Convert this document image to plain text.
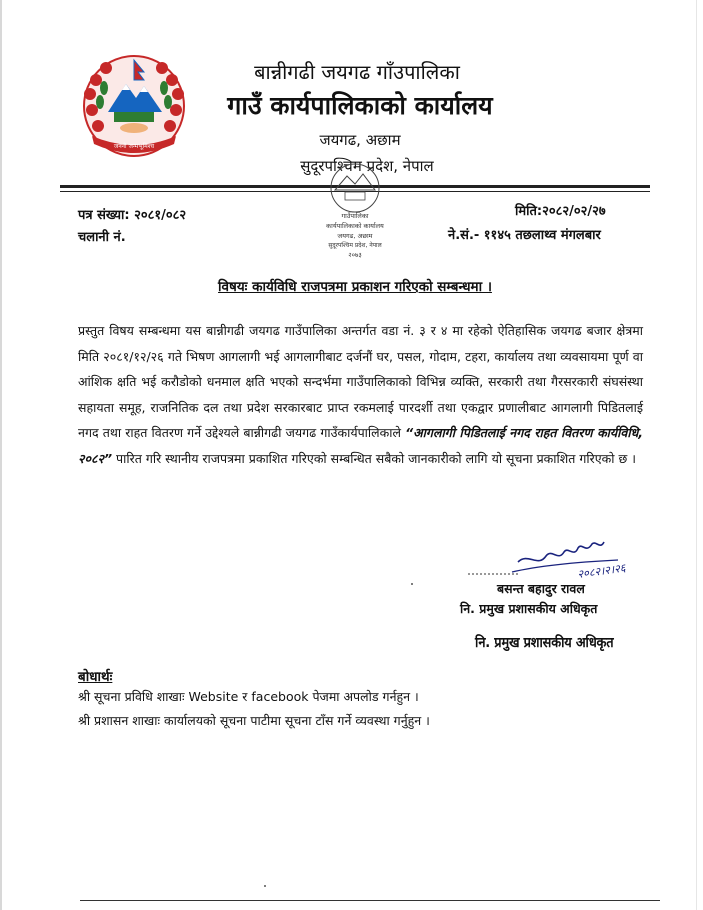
जननी जन्मभूमिश्च
बान्नीगढी जयगढ गाँउपालिका
गाउँ कार्यपालिकाको कार्यालय
जयगढ, अछाम
सुदूरपश्चिम प्रदेश, नेपाल
गाउँपालिका
कार्यपालिकाको कार्यालय
जयगढ, अछाम
सुदूरपश्चिम प्रदेश, नेपाल
२०७३
पत्र संख्या: २०८१/०८२
चलानी नं.
मिति:२०८२/०२/२७
ने.सं.- ११४५ तछलाथ्व मंगलबार
विषयः कार्यविधि राजपत्रमा प्रकाशन गरिएको सम्बन्धमा ।
प्रस्तुत विषय सम्बन्धमा यस बान्नीगढी जयगढ गाउँपालिका अन्तर्गत वडा नं. ३ र ४ मा रहेको ऐतिहासिक जयगढ बजार क्षेत्रमा मिति २०८१/१२/२६ गते भिषण आगलागी भई आगलागीबाट दर्जनौं घर, पसल, गोदाम, टहरा, कार्यालय तथा व्यवसायमा पूर्ण वा आंशिक क्षति भई करौडोको धनमाल क्षति भएको सन्दर्भमा गाउँपालिकाको विभिन्न व्यक्ति, सरकारी तथा गैरसरकारी संघसंस्था सहायता समूह, राजनितिक दल तथा प्रदेश सरकारबाट प्राप्त रकमलाई पारदर्शी तथा एकद्वार प्रणालीबाट आगलागी पिडितलाई नगद तथा राहत वितरण गर्ने उद्देश्यले बान्नीगढी जयगढ गाउँकार्यपालिकाले “आगलागी पिडितलाई नगद राहत वितरण कार्यविधि, २०८२” पारित गरि स्थानीय राजपत्रमा प्रकाशित गरिएको सम्बन्धित सबैको जानकारीको लागि यो सूचना प्रकाशित गरिएको छ ।
२०८२।२।२६
बसन्त बहादुर रावल
नि. प्रमुख प्रशासकीय अधिकृत
नि. प्रमुख प्रशासकीय अधिकृत
बोधार्थः
श्री सूचना प्रविधि शाखाः Website र facebook पेजमा अपलोड गर्नहुन ।
श्री प्रशासन शाखाः कार्यालयको सूचना पाटीमा सूचना टाँस गर्ने व्यवस्था गर्नुहुन ।
